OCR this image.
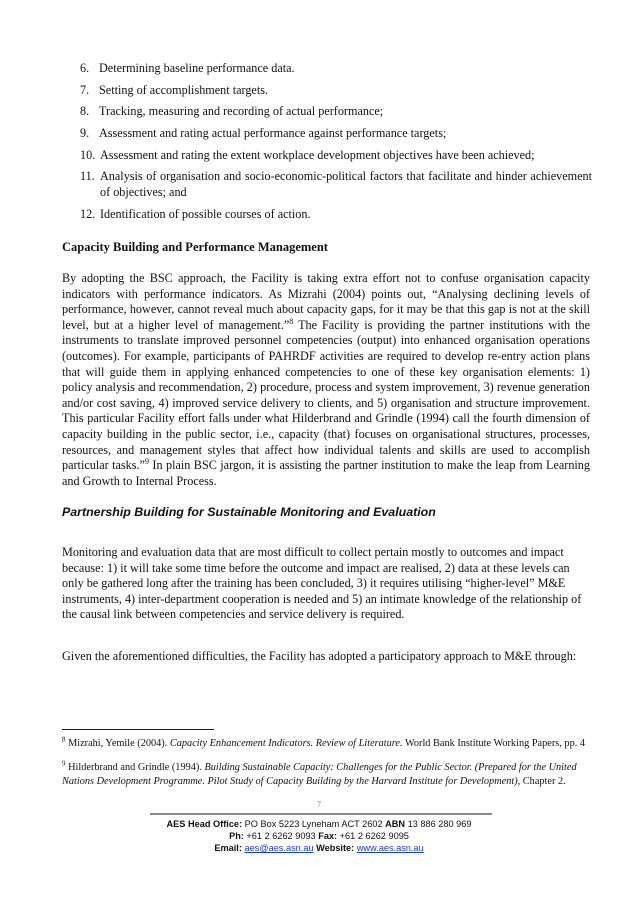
6. Determining baseline performance data.
7. Setting of accomplishment targets.
8. Tracking, measuring and recording of actual performance;
9. Assessment and rating actual performance against performance targets;
10. Assessment and rating the extent workplace development objectives have been achieved;
11. Analysis of organisation and socio-economic-political factors that facilitate and hinder achievement of objectives; and
12. Identification of possible courses of action.
Capacity Building and Performance Management

By adopting the BSC approach, the Facility is taking extra effort not to confuse organisation capacity indicators with performance indicators. As Mizrahi (2004) points out, “Analysing declining levels of performance, however, cannot reveal much about capacity gaps, for it may be that this gap is not at the skill level, but at a higher level of management.”$^8$ The Facility is providing the partner institutions with the instruments to translate improved personnel competencies (output) into enhanced organisation operations (outcomes). For example, participants of PAHRDF activities are required to develop re-entry action plans that will guide them in applying enhanced competencies to one of these key organisation elements: 1) policy analysis and recommendation, 2) procedure, process and system improvement, 3) revenue generation and/or cost saving, 4) improved service delivery to clients, and 5) organisation and structure improvement. This particular Facility effort falls under what Hilderbrand and Grindle (1994) call the fourth dimension of capacity building in the public sector, i.e., capacity (that) focuses on organisational structures, processes, resources, and management styles that affect how individual talents and skills are used to accomplish particular tasks.”$^9$ In plain BSC jargon, it is assisting the partner institution to make the leap from Learning and Growth to Internal Process.

Partnership Building for Sustainable Monitoring and Evaluation

Monitoring and evaluation data that are most difficult to collect pertain mostly to outcomes and impact because: 1) it will take some time before the outcome and impact are realised, 2) data at these levels can only be gathered long after the training has been concluded, 3) it requires utilising “higher-level” M&E instruments, 4) inter-department cooperation is needed and 5) an intimate knowledge of the relationship of the causal link between competencies and service delivery is required.

Given the aforementioned difficulties, the Facility has adopted a participatory approach to M&E through:

$^8$ Mizrahi, Yemile (2004). Capacity Enhancement Indicators. Review of Literature. World Bank Institute Working Papers, pp. 4

$^9$ Hilderbrand and Grindle (1994). Building Sustainable Capacity: Challenges for the Public Sector. (Prepared for the United Nations Development Programme. Pilot Study of Capacity Building by the Harvard Institute for Development), Chapter 2.

7
AES Head Office: PO Box 5223 Lyneham ACT 2602 ABN 13 886 280 969
Ph: +61 2 6262 9093 Fax: +61 2 6262 9095
Email: aes@aes.asn.au Website: www.aes.asn.au
